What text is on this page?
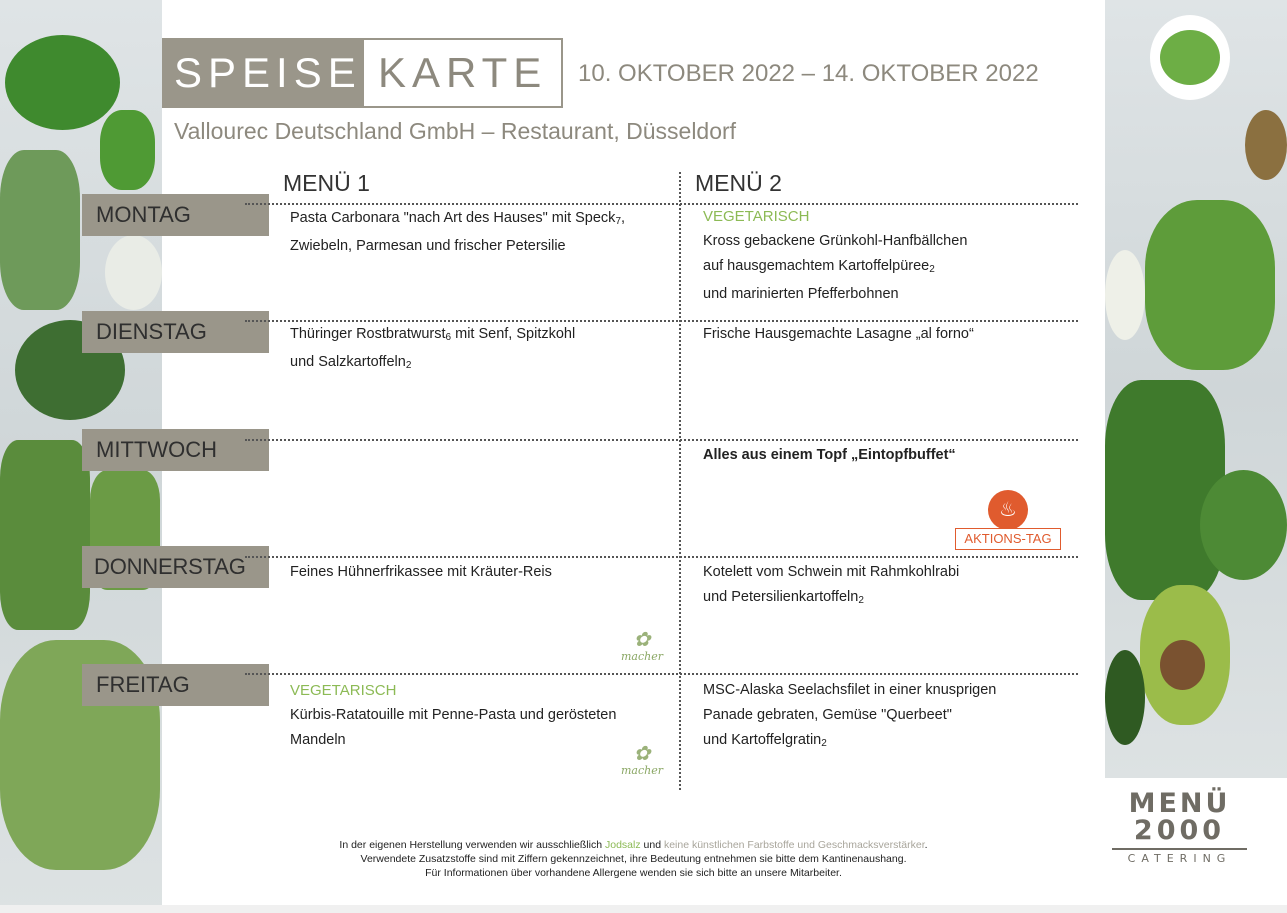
SPEISE KARTE 10. OKTOBER 2022 – 14. OKTOBER 2022
Vallourec Deutschland GmbH – Restaurant, Düsseldorf
MENÜ 1	MENÜ 2
MONTAG
DIENSTAG
MITTWOCH
DONNERSTAG
FREITAG
Pasta Carbonara "nach Art des Hauses" mit Speck$_7$,
Zwiebeln, Parmesan und frischer Petersilie
Thüringer Rostbratwurst$_6$ mit Senf, Spitzkohl
und Salzkartoffeln$_2$
Feines Hühnerfrikassee mit Kräuter-Reis
VEGETARISCH
Kürbis-Ratatouille mit Penne-Pasta und gerösteten
Mandeln
VEGETARISCH
Kross gebackene Grünkohl-Hanfbällchen
auf hausgemachtem Kartoffelpüree$_2$
und marinierten Pfefferbohnen
Frische Hausgemachte Lasagne „al forno“
Alles aus einem Topf „Eintopfbuffet“
♨
AKTIONS-TAG
Kotelett vom Schwein mit Rahmkohlrabi
und Petersilienkartoffeln$_2$
MSC-Alaska Seelachsfilet in einer knusprigen
Panade gebraten, Gemüse "Querbeet"
und Kartoffelgratin$_2$
✿
macher
✿
macher
In der eigenen Herstellung verwenden wir ausschließlich Jodsalz und keine künstlichen Farbstoffe und Geschmacksverstärker.
Verwendete Zusatzstoffe sind mit Ziffern gekennzeichnet, ihre Bedeutung entnehmen sie bitte dem Kantinenaushang.
Für Informationen über vorhandene Allergene wenden sie sich bitte an unsere Mitarbeiter.
MENÜ
2000
CATERING
